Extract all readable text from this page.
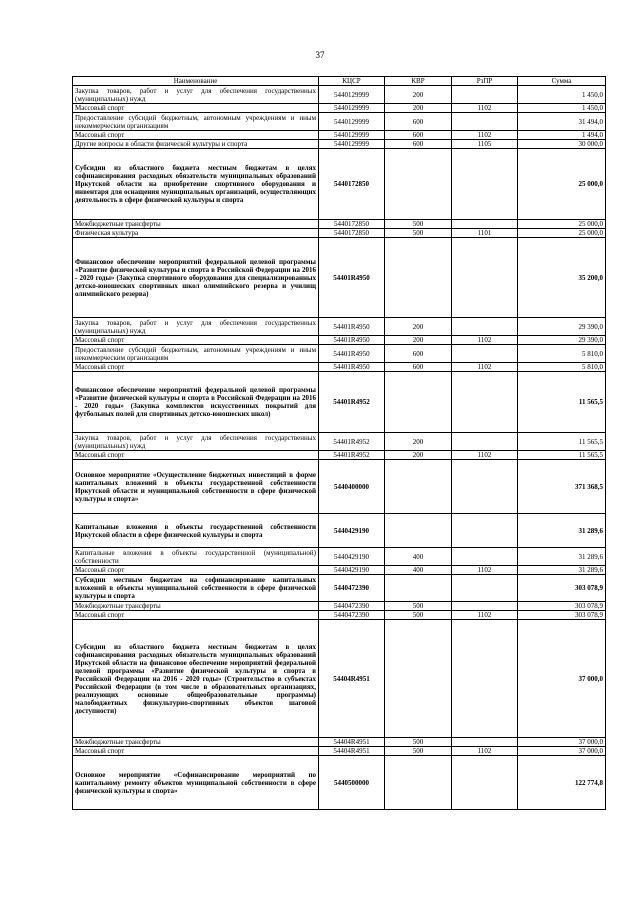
37
Наименование	КЦСР	КВР	РзПР	Сумма
Закупка товаров, работ и услуг для обеспечения государственных (муниципальных) нужд	5440129999	200		1 450,0
Массовый спорт	5440129999	200	1102	1 450,0
Предоставление субсидий бюджетным, автономным учреждениям и иным некоммерческим организациям	5440129999	600		31 494,0
Массовый спорт	5440129999	600	1102	1 494,0
Другие вопросы в области физической культуры и спорта	5440129999	600	1105	30 000,0
Субсидии из областного бюджета местным бюджетам в целях софинансирования расходных обязательств муниципальных образований Иркутской области на приобретение спортивного оборудования и инвентаря для оснащения муниципальных организаций, осуществляющих деятельность в сфере физической культуры и спорта	5440172850			25 000,0
Межбюджетные трансферты	5440172850	500		25 000,0
Физическая культура	5440172850	500	1101	25 000,0
Финансовое обеспечение мероприятий федеральной целевой программы «Развитие физической культуры и спорта в Российской Федерации на 2016 - 2020 годы» (Закупка спортивного оборудования для специализированных детско-юношеских спортивных школ олимпийского резерва и училищ олимпийского резерва)	54401R4950			35 200,0
Закупка товаров, работ и услуг для обеспечения государственных (муниципальных) нужд	54401R4950	200		29 390,0
Массовый спорт	54401R4950	200	1102	29 390,0
Предоставление субсидий бюджетным, автономным учреждениям и иным некоммерческим организациям	54401R4950	600		5 810,0
Массовый спорт	54401R4950	600	1102	5 810,0
Финансовое обеспечение мероприятий федеральной целевой программы «Развитие физической культуры и спорта в Российской Федерации на 2016 - 2020 годы» (Закупка комплектов искусственных покрытий для футбольных полей для спортивных детско-юношеских школ)	54401R4952			11 565,5
Закупка товаров, работ и услуг для обеспечения государственных (муниципальных) нужд	54401R4952	200		11 565,5
Массовый спорт	54401R4952	200	1102	11 565,5
Основное мероприятие «Осуществление бюджетных инвестиций в форме капитальных вложений в объекты государственной собственности Иркутской области и муниципальной собственности в сфере физической культуры и спорта»	5440400000			371 368,5
Капитальные вложения в объекты государственной собственности Иркутской области в сфере физической культуры и спорта	5440429190			31 289,6
Капитальные вложения в объекты государственной (муниципальной) собственности	5440429190	400		31 289,6
Массовый спорт	5440429190	400	1102	31 289,6
Субсидии местным бюджетам на софинансирование капитальных вложений в объекты муниципальной собственности в сфере физической культуры и спорта	5440472390			303 078,9
Межбюджетные трансферты	5440472390	500		303 078,9
Массовый спорт	5440472390	500	1102	303 078,9
Субсидии из областного бюджета местным бюджетам в целях софинансирования расходных обязательств муниципальных образований Иркутской области на финансовое обеспечение мероприятий федеральной целевой программы «Развитие физической культуры и спорта в Российской Федерации на 2016 - 2020 годы» (Строительство в субъектах Российской Федерации (в том числе в образовательных организациях, реализующих основные общеобразовательные программы) малобюджетных физкультурно-спортивных объектов шаговой доступности)	54404R4951			37 000,0
Межбюджетные трансферты	54404R4951	500		37 000,0
Массовый спорт	54404R4951	500	1102	37 000,0
Основное мероприятие «Софинансирование мероприятий по капитальному ремонту объектов муниципальной собственности в сфере физической культуры и спорта»	5440500000			122 774,8
